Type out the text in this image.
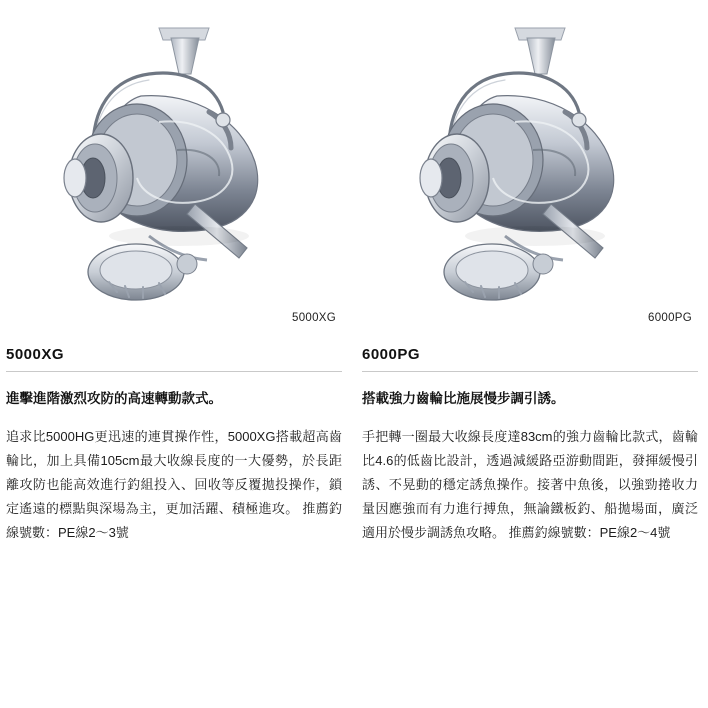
5000XG
5000XG

進擊進階激烈攻防的高速轉動款式。

追求比5000HG更迅速的連貫操作性，5000XG搭載超高齒輪比，加上具備105cm最大收線長度的一大優勢，於長距離攻防也能高效進行釣組投入、回收等反覆拋投操作，鎖定遙遠的標點與深場為主，更加活躍、積極進攻。 推薦釣線號數：PE線2～3號

6000PG
6000PG

搭載強力齒輪比施展慢步調引誘。

手把轉一圈最大收線長度達83cm的強力齒輪比款式，齒輪比4.6的低齒比設計，透過減緩路亞游動間距，發揮緩慢引誘、不晃動的穩定誘魚操作。接著中魚後，以強勁捲收力量因應強而有力進行搏魚，無論鐵板釣、船拋場面，廣泛適用於慢步調誘魚攻略。 推薦釣線號數：PE線2～4號
